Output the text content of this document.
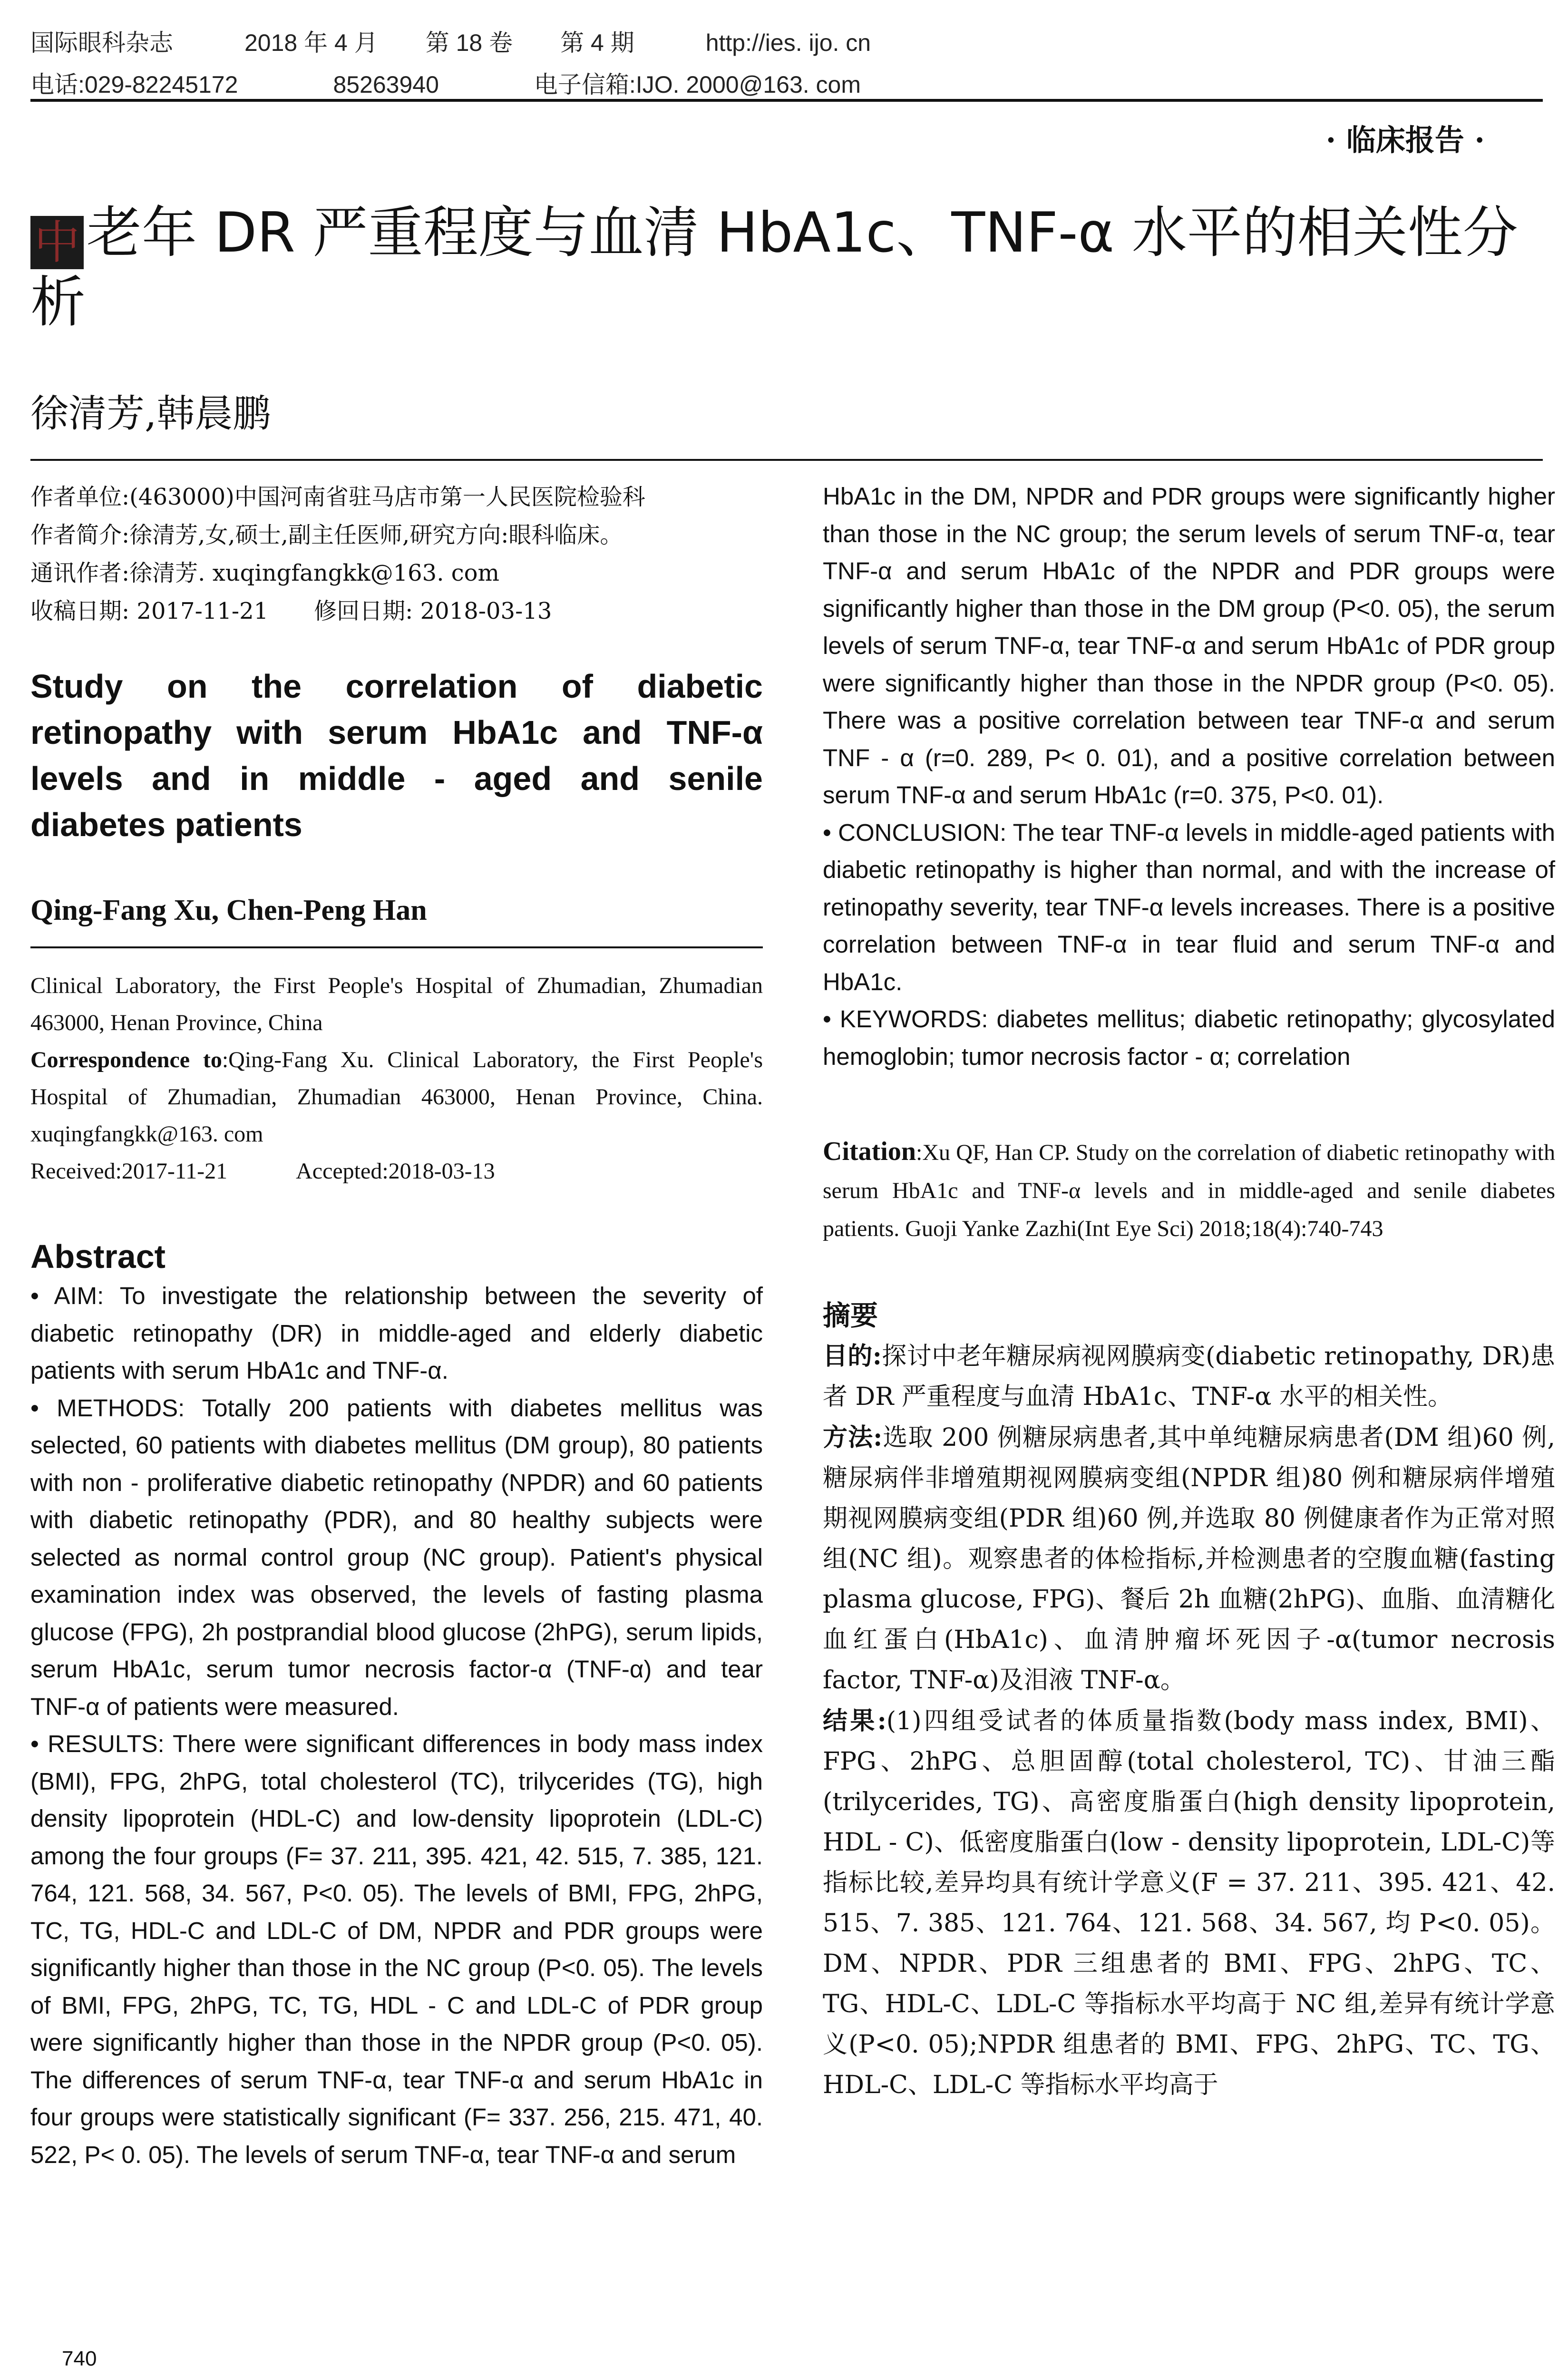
国际眼科杂志　　　	2018 年 4 月　　 第 18 卷　　 第 4 期　　　	http://ies. ijo. cn
电话:029-82245172　　　　	85263940　　　　	电子信箱:IJO. 2000@163. com
· 临床报告 ·
中 老年 DR 严重程度与血清 HbA1c、TNF-α 水平的相关性分析
徐清芳,韩晨鹏

作者单位:(463000)中国河南省驻马店市第一人民医院检验科

作者简介:徐清芳,女,硕士,副主任医师,研究方向:眼科临床。

通讯作者:徐清芳. xuqingfangkk@163. com

收稿日期: 2017-11-21　　修回日期: 2018-03-13

Study on the correlation of diabetic retinopathy with serum HbA1c and TNF-α levels and in middle - aged and senile diabetes patients
Qing-Fang Xu, Chen-Peng Han
Clinical Laboratory, the First People's Hospital of Zhumadian, Zhumadian 463000, Henan Province, China
Correspondence to:Qing-Fang Xu. Clinical Laboratory, the First People's Hospital of Zhumadian, Zhumadian 463000, Henan Province, China. xuqingfangkk@163. com
Received:2017-11-21　　　Accepted:2018-03-13
Abstract

• AIM: To investigate the relationship between the severity of diabetic retinopathy (DR) in middle-aged and elderly diabetic patients with serum HbA1c and TNF-α.

• METHODS: Totally 200 patients with diabetes mellitus was selected, 60 patients with diabetes mellitus (DM group), 80 patients with non - proliferative diabetic retinopathy (NPDR) and 60 patients with diabetic retinopathy (PDR), and 80 healthy subjects were selected as normal control group (NC group). Patient's physical examination index was observed, the levels of fasting plasma glucose (FPG), 2h postprandial blood glucose (2hPG), serum lipids, serum HbA1c, serum tumor necrosis factor-α (TNF-α) and tear TNF-α of patients were measured.

• RESULTS: There were significant differences in body mass index (BMI), FPG, 2hPG, total cholesterol (TC), trilycerides (TG), high density lipoprotein (HDL-C) and low-density lipoprotein (LDL-C) among the four groups (F= 37. 211, 395. 421, 42. 515, 7. 385, 121. 764, 121. 568, 34. 567, P<0. 05). The levels of BMI, FPG, 2hPG, TC, TG, HDL-C and LDL-C of DM, NPDR and PDR groups were significantly higher than those in the NC group (P<0. 05). The levels of BMI, FPG, 2hPG, TC, TG, HDL - C and LDL-C of PDR group were significantly higher than those in the NPDR group (P<0. 05). The differences of serum TNF-α, tear TNF-α and serum HbA1c in four groups were statistically significant (F= 337. 256, 215. 471, 40. 522, P< 0. 05). The levels of serum TNF-α, tear TNF-α and serum

HbA1c in the DM, NPDR and PDR groups were significantly higher than those in the NC group; the serum levels of serum TNF-α, tear TNF-α and serum HbA1c of the NPDR and PDR groups were significantly higher than those in the DM group (P<0. 05), the serum levels of serum TNF-α, tear TNF-α and serum HbA1c of PDR group were significantly higher than those in the NPDR group (P<0. 05). There was a positive correlation between tear TNF-α and serum TNF - α (r=0. 289, P< 0. 01), and a positive correlation between serum TNF-α and serum HbA1c (r=0. 375, P<0. 01).

• CONCLUSION: The tear TNF-α levels in middle-aged patients with diabetic retinopathy is higher than normal, and with the increase of retinopathy severity, tear TNF-α levels increases. There is a positive correlation between TNF-α in tear fluid and serum TNF-α and HbA1c.

• KEYWORDS: diabetes mellitus; diabetic retinopathy; glycosylated hemoglobin; tumor necrosis factor - α; correlation

Citation:Xu QF, Han CP. Study on the correlation of diabetic retinopathy with serum HbA1c and TNF-α levels and in middle-aged and senile diabetes patients. Guoji Yanke Zazhi(Int Eye Sci) 2018;18(4):740-743
摘要

目的:探讨中老年糖尿病视网膜病变(diabetic retinopathy, DR)患者 DR 严重程度与血清 HbA1c、TNF-α 水平的相关性。

方法:选取 200 例糖尿病患者,其中单纯糖尿病患者(DM 组)60 例,糖尿病伴非增殖期视网膜病变组(NPDR 组)80 例和糖尿病伴增殖期视网膜病变组(PDR 组)60 例,并选取 80 例健康者作为正常对照组(NC 组)。观察患者的体检指标,并检测患者的空腹血糖(fasting plasma glucose, FPG)、餐后 2h 血糖(2hPG)、血脂、血清糖化血红蛋白(HbA1c)、血清肿瘤坏死因子-α(tumor necrosis factor, TNF-α)及泪液 TNF-α。

结果:(1)四组受试者的体质量指数(body mass index, BMI)、FPG、2hPG、总胆固醇(total cholesterol, TC)、甘油三酯(trilycerides, TG)、高密度脂蛋白(high density lipoprotein, HDL - C)、低密度脂蛋白(low - density lipoprotein, LDL-C)等指标比较,差异均具有统计学意义(F = 37. 211、395. 421、42. 515、7. 385、121. 764、121. 568、34. 567, 均 P<0. 05)。DM、NPDR、PDR 三组患者的 BMI、FPG、2hPG、TC、TG、HDL-C、LDL-C 等指标水平均高于 NC 组,差异有统计学意义(P<0. 05);NPDR 组患者的 BMI、FPG、2hPG、TC、TG、HDL-C、LDL-C 等指标水平均高于

740
